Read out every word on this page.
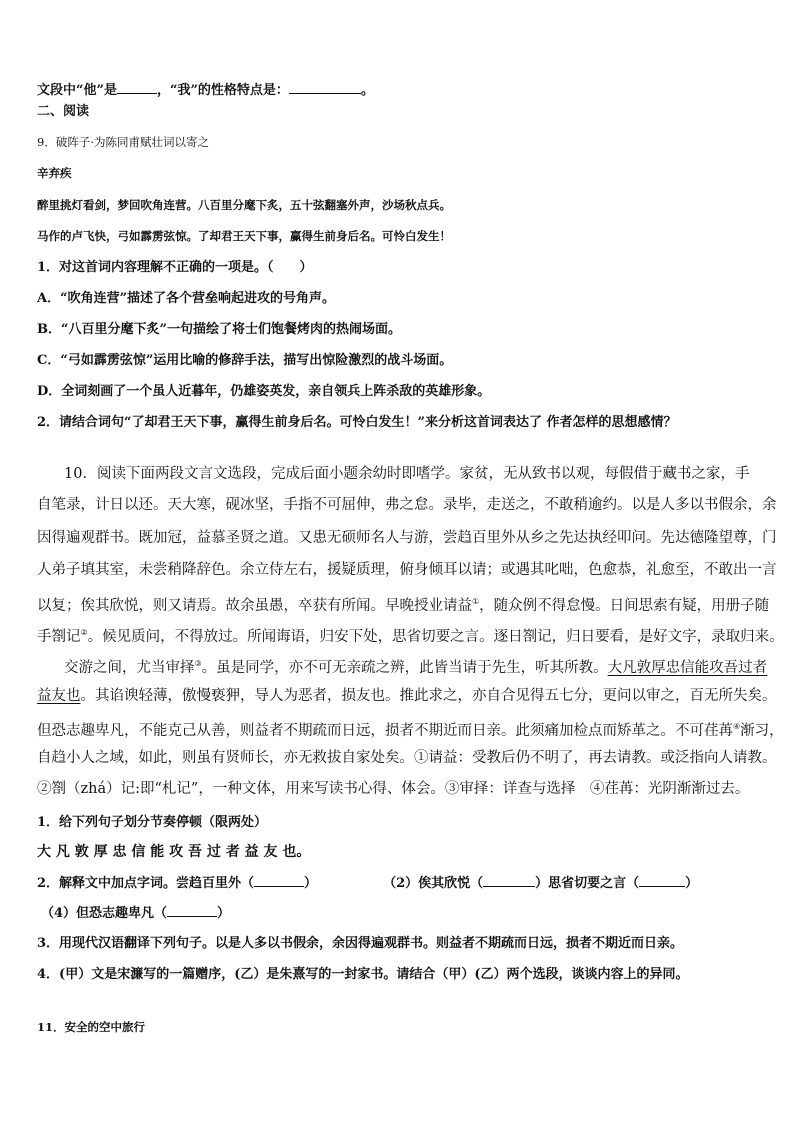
文段中“他”是	，“我”的性格特点是：	。
二、阅读
9．破阵子·为陈同甫赋壮词以寄之
辛弃疾
醉里挑灯看剑，梦回吹角连营。八百里分麾下炙，五十弦翻塞外声，沙场秋点兵。
马作的卢飞快，弓如霹雳弦惊。了却君王天下事，赢得生前身后名。可怜白发生！
1．对这首词内容理解不正确的一项是。（　　）
A．“吹角连营”描述了各个营垒响起进攻的号角声。
B．“八百里分麾下炙”一句描绘了将士们饱餐烤肉的热闹场面。
C．“弓如霹雳弦惊”运用比喻的修辞手法，描写出惊险激烈的战斗场面。
D．全词刻画了一个虽人近暮年，仍雄姿英发，亲自领兵上阵杀敌的英雄形象。
2．请结合词句“了却君王天下事，赢得生前身后名。可怜白发生！”来分析这首词表达了 作者怎样的思想感情？
10．阅读下面两段文言文选段，完成后面小题余幼时即嗜学。家贫，无从致书以观，每假借于藏书之家，手
自笔录，计日以还。天大寒，砚冰坚，手指不可屈伸，弗之怠。录毕，走送之，不敢稍逾约。以是人多以书假余，余
因得遍观群书。既加冠，益慕圣贤之道。又患无硕师名人与游，尝趋百里外从乡之先达执经叩问。先达德隆望尊，门
人弟子填其室，未尝稍降辞色。余立侍左右，援疑质理，俯身倾耳以请；或遇其叱咄，色愈恭，礼愈至，不敢出一言
以复；俟其欣悦，则又请焉。故余虽愚，卒获有所闻。早晚授业请益①，随众例不得怠慢。日间思索有疑，用册子随
手劄记②。候见质问，不得放过。所闻诲语，归安下处，思省切要之言。逐日劄记，归日要看，是好文字，录取归来。
交游之间，尤当审择③。虽是同学，亦不可无亲疏之辨，此皆当请于先生，听其所教。大凡敦厚忠信能攻吾过者
益友也。其谄谀轻薄，傲慢亵狎，导人为恶者，损友也。推此求之，亦自合见得五七分，更问以审之，百无所失矣。
但恐志趣卑凡，不能克己从善，则益者不期疏而日远，损者不期近而日亲。此须痛加检点而矫革之。不可荏苒④渐习，
自趋小人之域，如此，则虽有贤师长，亦无救拔自家处矣。①请益：受教后仍不明了，再去请教。或泛指向人请教。
②劄（zhá）记:即“札记”，一种文体，用来写读书心得、体会。③审择：详查与选择　④荏苒：光阴渐渐过去。
1．给下列句子划分节奏停顿（限两处）
大 凡 敦 厚 忠 信 能 攻 吾 过 者 益 友 也。
2．解释文中加点字词。尝趋百里外（	）	（2）俟其欣悦（	）思省切要之言（	）
（4）但恐志趣卑凡（	）
3．用现代汉语翻译下列句子。以是人多以书假余，余因得遍观群书。则益者不期疏而日远，损者不期近而日亲。
4．(甲）文是宋濂写的一篇赠序，(乙）是朱熹写的一封家书。请结合（甲）(乙）两个选段，谈谈内容上的异同。
11．安全的空中旅行
